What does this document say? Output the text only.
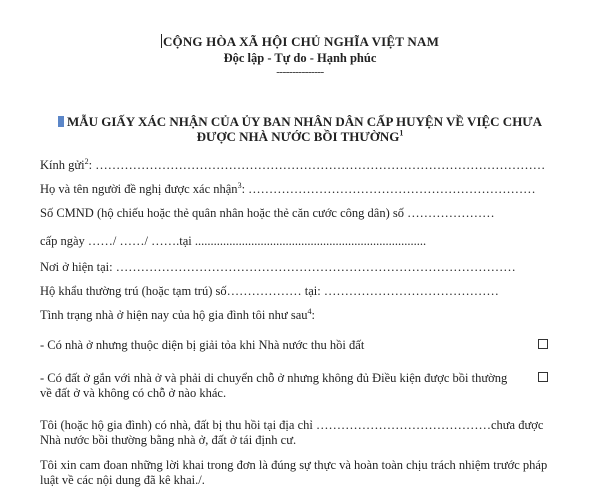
CỘNG HÒA XÃ HỘI CHỦ NGHĨA VIỆT NAM
Độc lập - Tự do - Hạnh phúc
---------------
MẪU GIẤY XÁC NHẬN CỦA ỦY BAN NHÂN DÂN CẤP HUYỆN VỀ VIỆC CHƯA
ĐƯỢC NHÀ NƯỚC BỒI THƯỜNG$^1$
Kính gửi$^2$: ………………………………………………………………………………………………
Họ và tên người đề nghị được xác nhận$^3$: ……………………………………………………………
Số CMND (hộ chiếu hoặc thẻ quân nhân hoặc thẻ căn cước công dân) số …………………
cấp ngày ……/ ……/ …….tại ..........................................................................
Nơi ở hiện tại: ……………………………………………………………………………………
Hộ khẩu thường trú (hoặc tạm trú) số……………… tại: ……………………………………
Tình trạng nhà ở hiện nay của hộ gia đình tôi như sau$^4$:
- Có nhà ở nhưng thuộc diện bị giải tỏa khi Nhà nước thu hồi đất
- Có đất ở gắn với nhà ở và phải di chuyển chỗ ở nhưng không đủ Điều kiện được bồi thường về đất ở và không có chỗ ở nào khác.
Tôi (hoặc hộ gia đình) có nhà, đất bị thu hồi tại địa chỉ ……………………………………chưa được Nhà nước bồi thường bằng nhà ở, đất ở tái định cư.
Tôi xin cam đoan những lời khai trong đơn là đúng sự thực và hoàn toàn chịu trách nhiệm trước pháp luật về các nội dung đã kê khai./.
